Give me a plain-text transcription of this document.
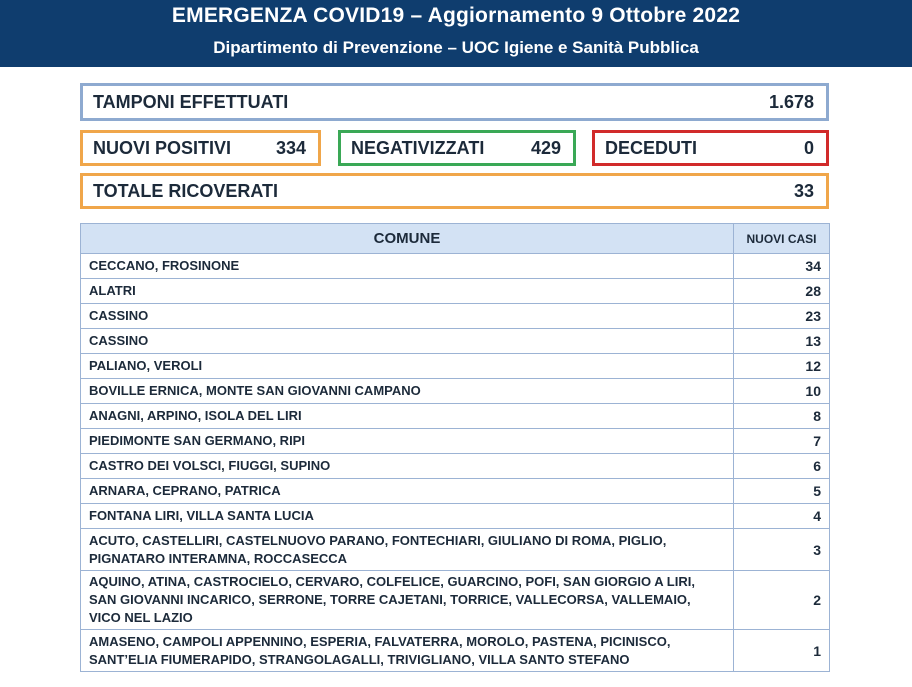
EMERGENZA COVID19 – Aggiornamento 9 Ottobre 2022
Dipartimento di Prevenzione – UOC Igiene e Sanità Pubblica
TAMPONI EFFETTUATI	1.678
NUOVI POSITIVI 334	NEGATIVIZZATI	429 DECEDUTI	0
TOTALE RICOVERATI	33
COMUNE	NUOVI CASI
CECCANO, FROSINONE	34
ALATRI	28
CASSINO	23
CASSINO	13
PALIANO, VEROLI	12
BOVILLE ERNICA, MONTE SAN GIOVANNI CAMPANO	10
ANAGNI, ARPINO, ISOLA DEL LIRI	8
PIEDIMONTE SAN GERMANO, RIPI	7
CASTRO DEI VOLSCI, FIUGGI, SUPINO	6
ARNARA, CEPRANO, PATRICA	5
FONTANA LIRI, VILLA SANTA LUCIA	4
ACUTO, CASTELLIRI, CASTELNUOVO PARANO, FONTECHIARI, GIULIANO DI ROMA, PIGLIO, PIGNATARO INTERAMNA, ROCCASECCA	3
AQUINO, ATINA, CASTROCIELO, CERVARO, COLFELICE, GUARCINO, POFI, SAN GIORGIO A LIRI, SAN GIOVANNI INCARICO, SERRONE, TORRE CAJETANI, TORRICE, VALLECORSA, VALLEMAIO, VICO NEL LAZIO	2
AMASENO, CAMPOLI APPENNINO, ESPERIA, FALVATERRA, MOROLO, PASTENA, PICINISCO, SANT’ELIA FIUMERAPIDO, STRANGOLAGALLI, TRIVIGLIANO, VILLA SANTO STEFANO	1
